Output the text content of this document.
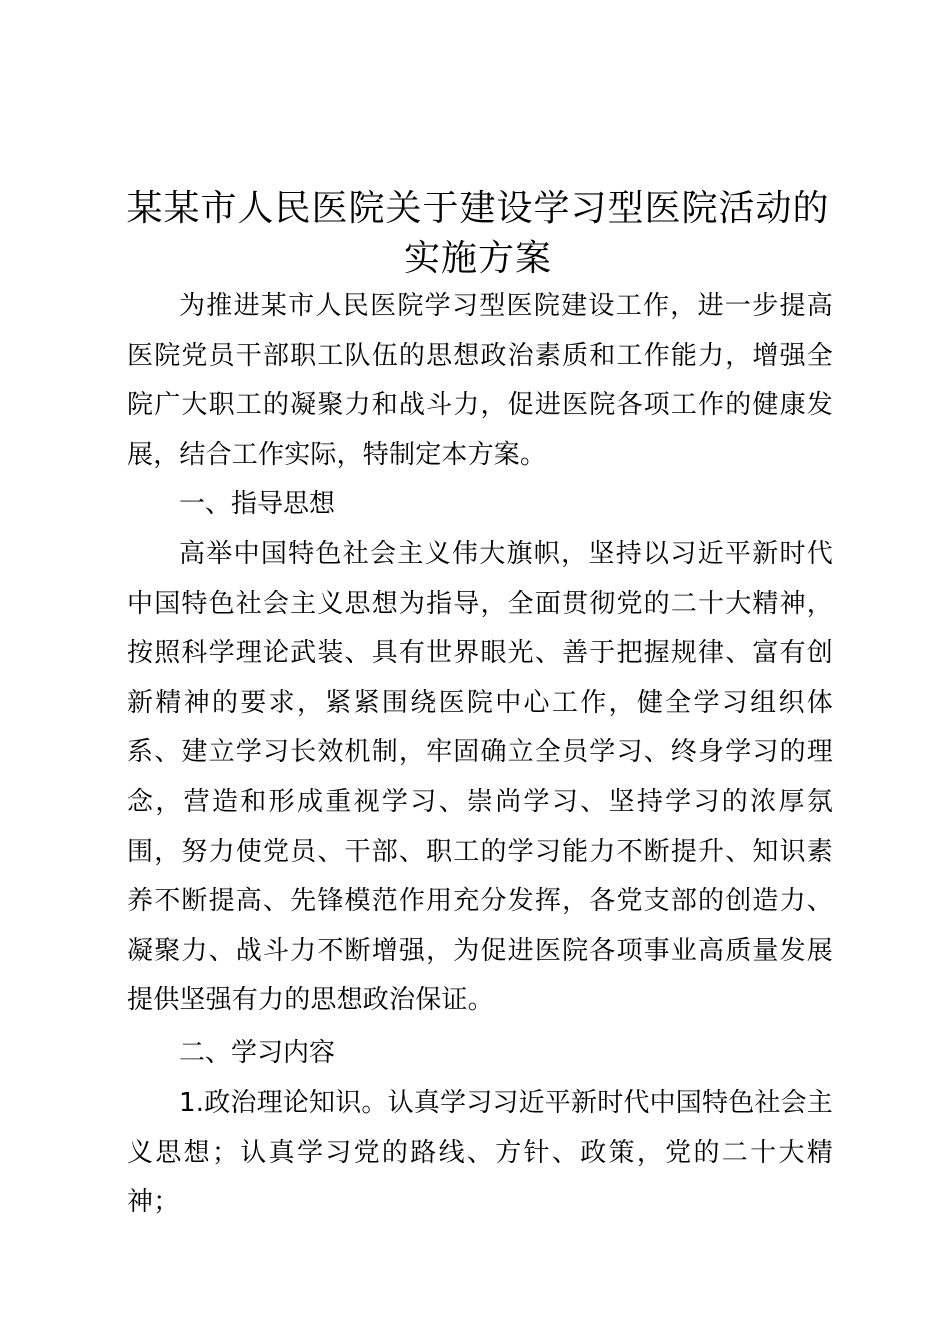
某某市人民医院关于建设学习型医院活动的实施方案
为推进某市人民医院学习型医院建设工作，进一步提高医院党员干部职工队伍的思想政治素质和工作能力，增强全院广大职工的凝聚力和战斗力，促进医院各项工作的健康发展，结合工作实际，特制定本方案。
一、指导思想
高举中国特色社会主义伟大旗帜，坚持以习近平新时代中国特色社会主义思想为指导，全面贯彻党的二十大精神，按照科学理论武装、具有世界眼光、善于把握规律、富有创新精神的要求，紧紧围绕医院中心工作，健全学习组织体系、建立学习长效机制，牢固确立全员学习、终身学习的理念，营造和形成重视学习、崇尚学习、坚持学习的浓厚氛围，努力使党员、干部、职工的学习能力不断提升、知识素养不断提高、先锋模范作用充分发挥，各党支部的创造力、凝聚力、战斗力不断增强，为促进医院各项事业高质量发展提供坚强有力的思想政治保证。
二、学习内容
1.政治理论知识。认真学习习近平新时代中国特色社会主义思想；认真学习党的路线、方针、政策，党的二十大精神；
